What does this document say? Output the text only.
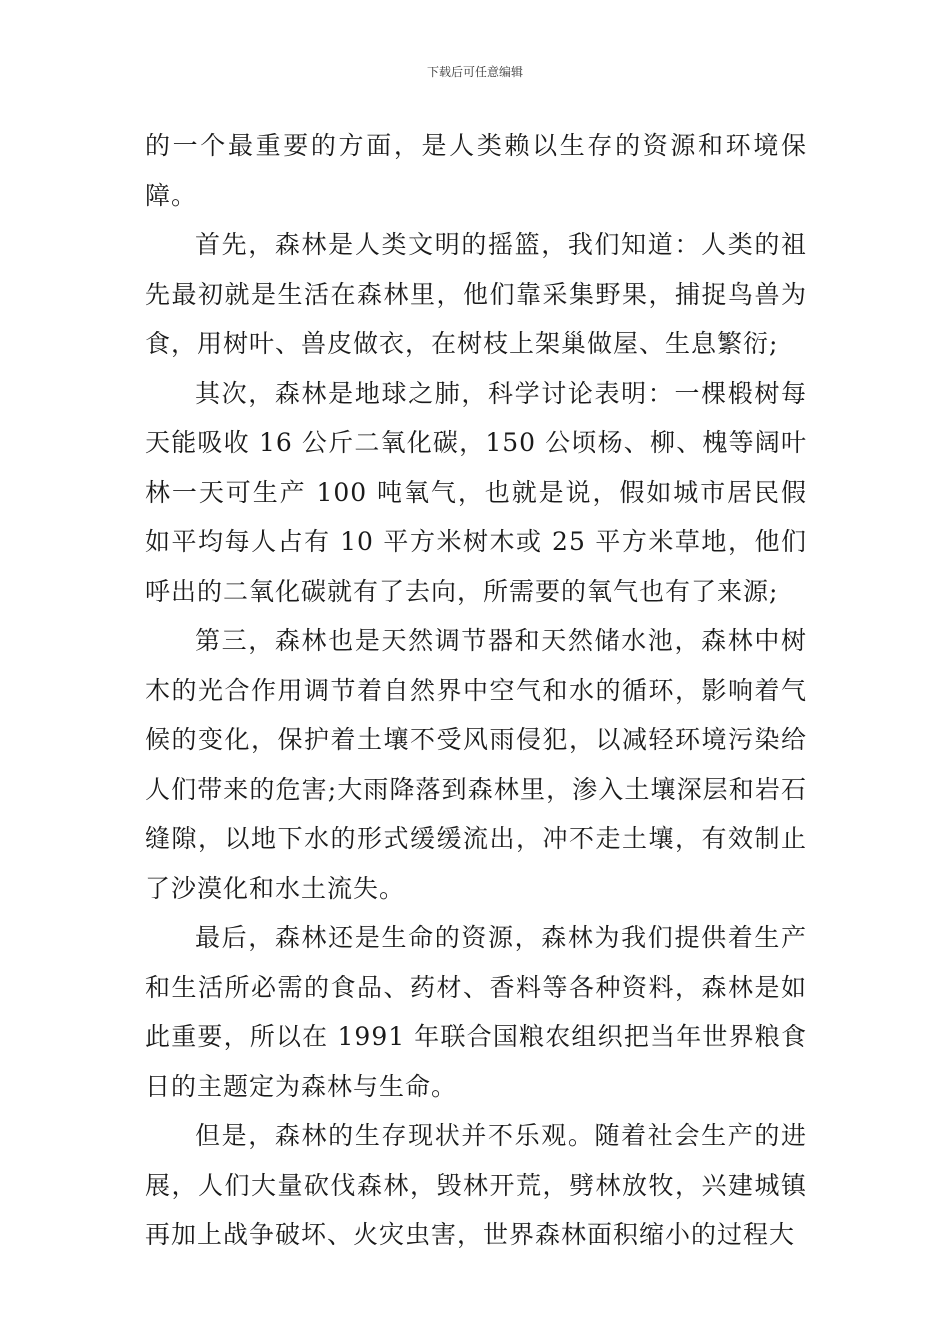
下载后可任意编辑

的一个最重要的方面，是人类赖以生存的资源和环境保障。

首先，森林是人类文明的摇篮，我们知道：人类的祖先最初就是生活在森林里，他们靠采集野果，捕捉鸟兽为食，用树叶、兽皮做衣，在树枝上架巢做屋、生息繁衍;

其次，森林是地球之肺，科学讨论表明：一棵椴树每天能吸收 16 公斤二氧化碳，150 公顷杨、柳、槐等阔叶林一天可生产 100 吨氧气，也就是说，假如城市居民假如平均每人占有 10 平方米树木或 25 平方米草地，他们呼出的二氧化碳就有了去向，所需要的氧气也有了来源;

第三，森林也是天然调节器和天然储水池，森林中树木的光合作用调节着自然界中空气和水的循环，影响着气候的变化，保护着土壤不受风雨侵犯，以减轻环境污染给人们带来的危害;大雨降落到森林里，渗入土壤深层和岩石缝隙，以地下水的形式缓缓流出，冲不走土壤，有效制止了沙漠化和水土流失。

最后，森林还是生命的资源，森林为我们提供着生产和生活所必需的食品、药材、香料等各种资料，森林是如此重要，所以在 1991 年联合国粮农组织把当年世界粮食日的主题定为森林与生命。

但是，森林的生存现状并不乐观。随着社会生产的进展，人们大量砍伐森林，毁林开荒，劈林放牧，兴建城镇再加上战争破坏、火灾虫害，世界森林面积缩小的过程大
